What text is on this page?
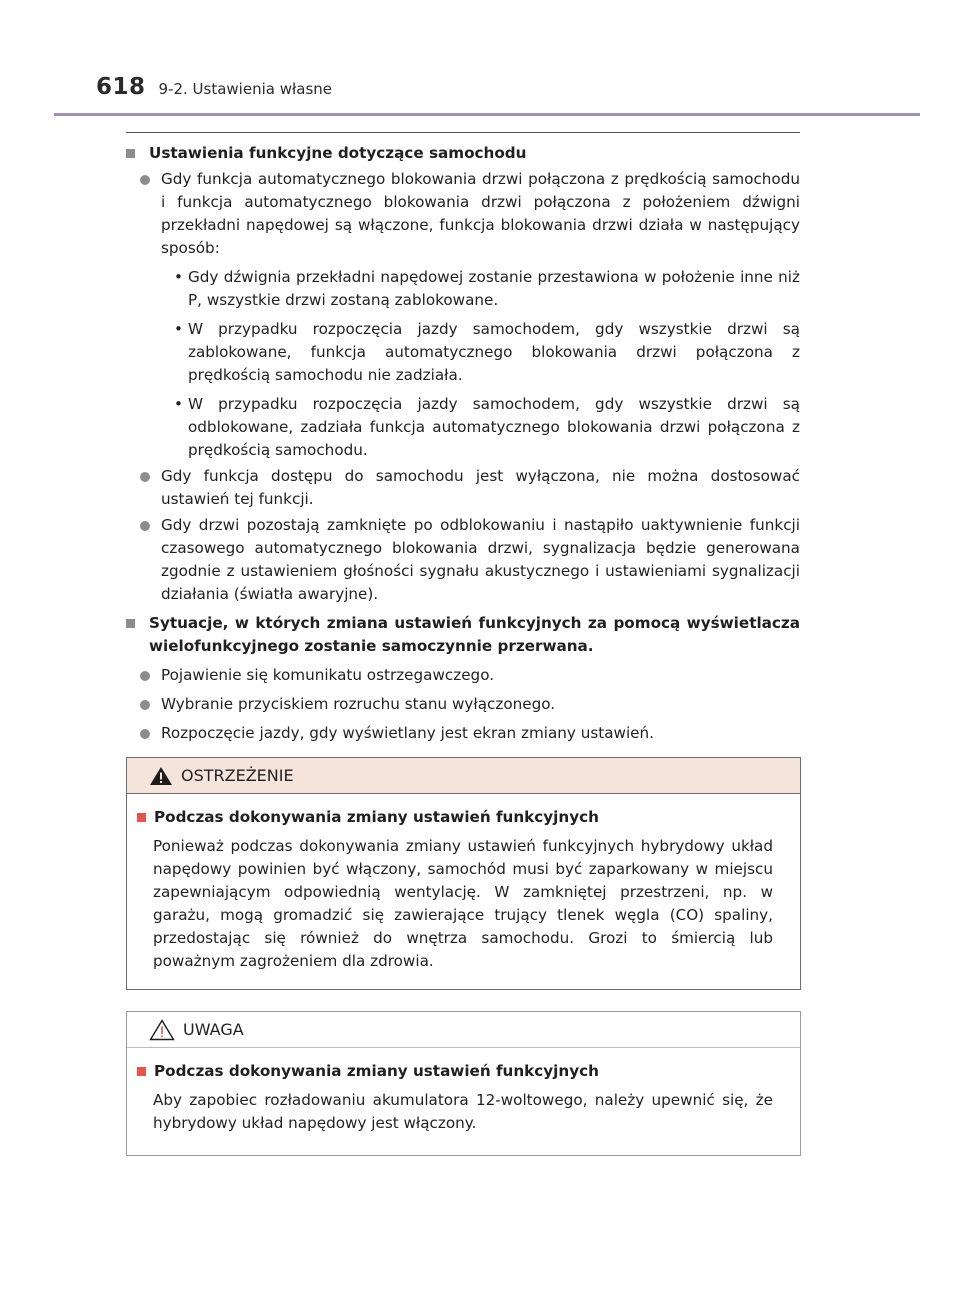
618 9-2. Ustawienia własne
Ustawienia funkcyjne dotyczące samochodu
Gdy funkcja automatycznego blokowania drzwi połączona z prędkością samochodu i funkcja automatycznego blokowania drzwi połączona z położeniem dźwigni przekładni napędowej są włączone, funkcja blokowania drzwi działa w następujący sposób:
• Gdy dźwignia przekładni napędowej zostanie przestawiona w położenie inne niż P, wszystkie drzwi zostaną zablokowane.
• W przypadku rozpoczęcia jazdy samochodem, gdy wszystkie drzwi są zablokowane, funkcja automatycznego blokowania drzwi połączona z prędkością samochodu nie zadziała.
• W przypadku rozpoczęcia jazdy samochodem, gdy wszystkie drzwi są odblokowane, zadziała funkcja automatycznego blokowania drzwi połączona z prędkością samochodu.
Gdy funkcja dostępu do samochodu jest wyłączona, nie można dostosować ustawień tej funkcji.
Gdy drzwi pozostają zamknięte po odblokowaniu i nastąpiło uaktywnienie funkcji czasowego automatycznego blokowania drzwi, sygnalizacja będzie generowana zgodnie z ustawieniem głośności sygnału akustycznego i ustawieniami sygnalizacji działania (światła awaryjne).
Sytuacje, w których zmiana ustawień funkcyjnych za pomocą wyświetlacza wielofunkcyjnego zostanie samoczynnie przerwana.
Pojawienie się komunikatu ostrzegawczego.
Wybranie przyciskiem rozruchu stanu wyłączonego.
Rozpoczęcie jazdy, gdy wyświetlany jest ekran zmiany ustawień.
OSTRZEŻENIE
Podczas dokonywania zmiany ustawień funkcyjnych
Ponieważ podczas dokonywania zmiany ustawień funkcyjnych hybrydowy układ napędowy powinien być włączony, samochód musi być zaparkowany w miejscu zapewniającym odpowiednią wentylację. W zamkniętej przestrzeni, np. w garażu, mogą gromadzić się zawierające trujący tlenek węgla (CO) spaliny, przedostając się również do wnętrza samochodu. Grozi to śmiercią lub poważnym zagrożeniem dla zdrowia.
UWAGA
Podczas dokonywania zmiany ustawień funkcyjnych
Aby zapobiec rozładowaniu akumulatora 12-woltowego, należy upewnić się, że hybrydowy układ napędowy jest włączony.
